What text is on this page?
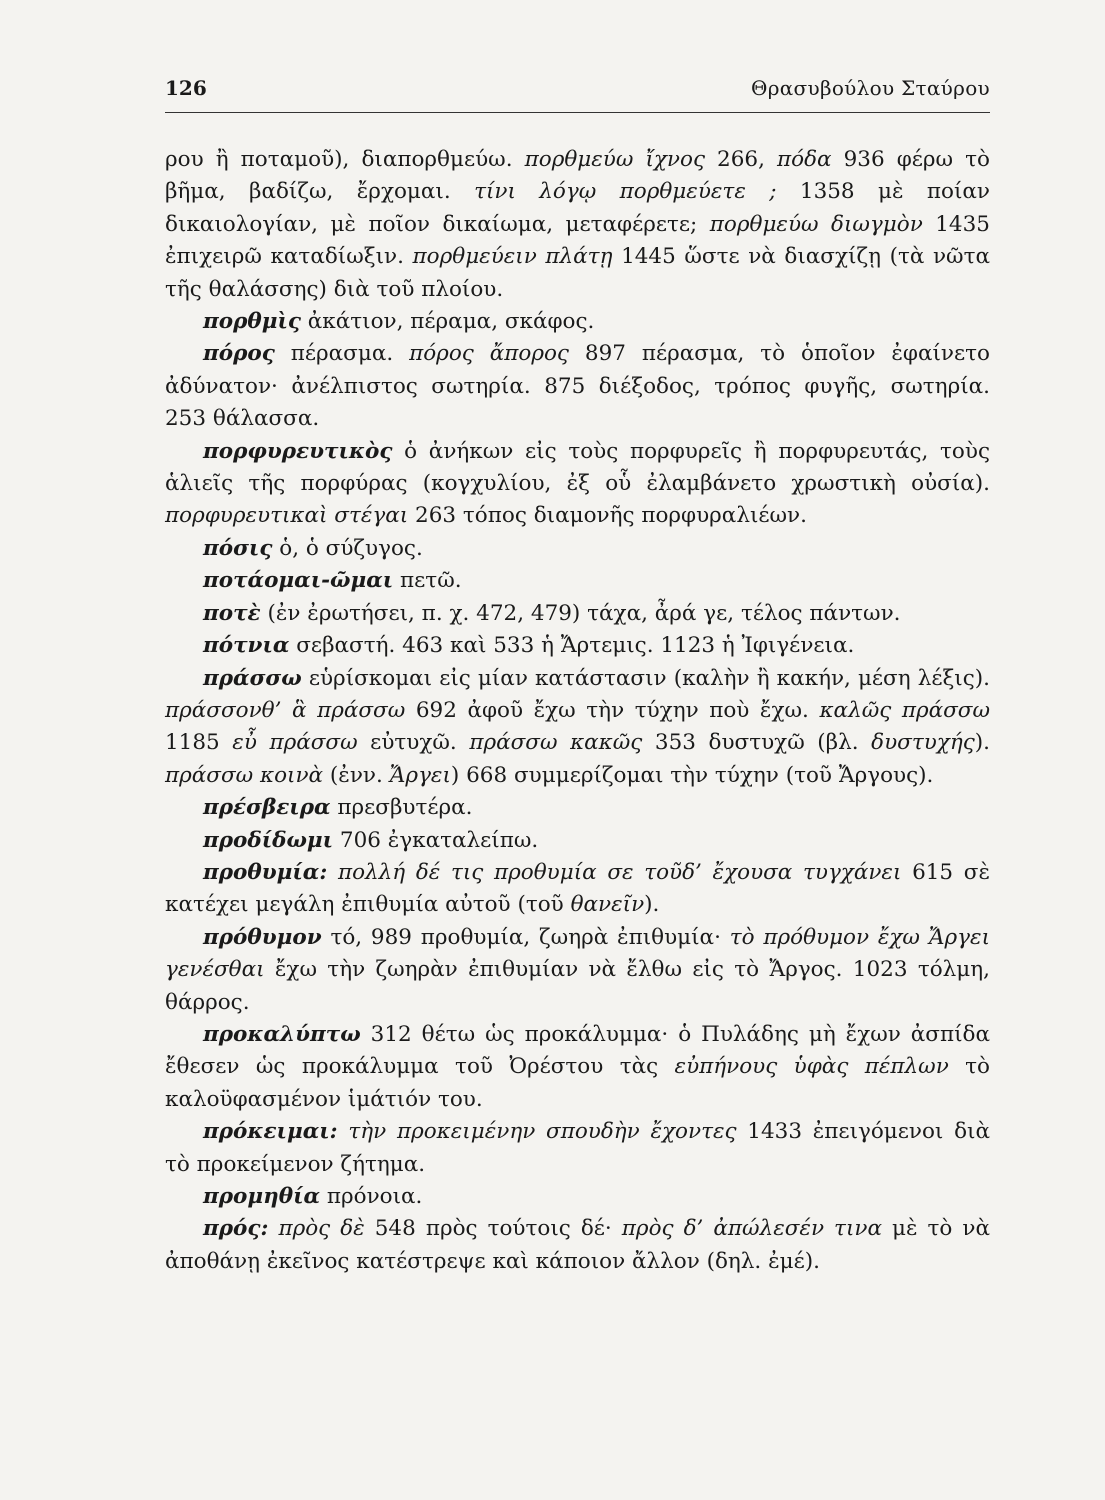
126	Θρασυβούλου Σταύρου

ρου ἢ ποταμοῦ), διαπορθμεύω. πορθμεύω ἴχνος 266, πόδα 936 φέρω τὸ βῆμα, βαδίζω, ἔρχομαι. τίνι λόγῳ πορθμεύετε ; 1358 μὲ ποίαν δικαιολογίαν, μὲ ποῖον δικαίωμα, μεταφέρετε; πορθμεύω διωγμὸν 1435 ἐπιχειρῶ καταδίωξιν. πορθμεύειν πλάτῃ 1445 ὥστε νὰ διασχίζῃ (τὰ νῶτα τῆς θαλάσσης) διὰ τοῦ πλοίου.

πορθμὶς ἀκάτιον, πέραμα, σκάφος.

πόρος πέρασμα. πόρος ἄπορος 897 πέρασμα, τὸ ὁποῖον ἐφαίνετο ἀδύνατον· ἀνέλπιστος σωτηρία. 875 διέξοδος, τρόπος φυγῆς, σωτηρία. 253 θάλασσα.

πορφυρευτικὸς ὁ ἀνήκων εἰς τοὺς πορφυρεῖς ἢ πορφυρευτάς, τοὺς ἁλιεῖς τῆς πορφύρας (κογχυλίου, ἐξ οὗ ἐλαμβάνετο χρωστικὴ οὐσία). πορφυρευτικαὶ στέγαι 263 τόπος διαμονῆς πορφυραλιέων.

πόσις ὁ, ὁ σύζυγος.

ποτάομαι-ῶμαι πετῶ.

ποτὲ (ἐν ἐρωτήσει, π. χ. 472, 479) τάχα, ἆρά γε, τέλος πάντων.

πότνια σεβαστή. 463 καὶ 533 ἡ Ἄρτεμις. 1123 ἡ Ἰφιγένεια.

πράσσω εὑρίσκομαι εἰς μίαν κατάστασιν (καλὴν ἢ κακήν, μέση λέξις). πράσσονθ’ ἃ πράσσω 692 ἀφοῦ ἔχω τὴν τύχην ποὺ ἔχω. καλῶς πράσσω 1185 εὖ πράσσω εὐτυχῶ. πράσσω κακῶς 353 δυστυχῶ (βλ. δυστυχής). πράσσω κοινὰ (ἐνν. Ἄργει) 668 συμμερίζομαι τὴν τύχην (τοῦ Ἄργους).

πρέσβειρα πρεσβυτέρα.

προδίδωμι 706 ἐγκαταλείπω.

προθυμία: πολλή δέ τις προθυμία σε τοῦδ’ ἔχουσα τυγχάνει 615 σὲ κατέχει μεγάλη ἐπιθυμία αὐτοῦ (τοῦ θανεῖν).

πρόθυμον τό, 989 προθυμία, ζωηρὰ ἐπιθυμία· τὸ πρόθυμον ἔχω Ἄργει γενέσθαι ἔχω τὴν ζωηρὰν ἐπιθυμίαν νὰ ἔλθω εἰς τὸ Ἄργος. 1023 τόλμη, θάρρος.

προκαλύπτω 312 θέτω ὡς προκάλυμμα· ὁ Πυλάδης μὴ ἔχων ἀσπίδα ἔθεσεν ὡς προκάλυμμα τοῦ Ὀρέστου τὰς εὐπήνους ὑφὰς πέπλων τὸ καλοϋφασμένον ἱμάτιόν του.

πρόκειμαι: τὴν προκειμένην σπουδὴν ἔχοντες 1433 ἐπειγόμενοι διὰ τὸ προκείμενον ζήτημα.

προμηθία πρόνοια.

πρός: πρὸς δὲ 548 πρὸς τούτοις δέ· πρὸς δ’ ἀπώλεσέν τινα μὲ τὸ νὰ ἀποθάνῃ ἐκεῖνος κατέστρεψε καὶ κάποιον ἄλλον (δηλ. ἐμέ).
